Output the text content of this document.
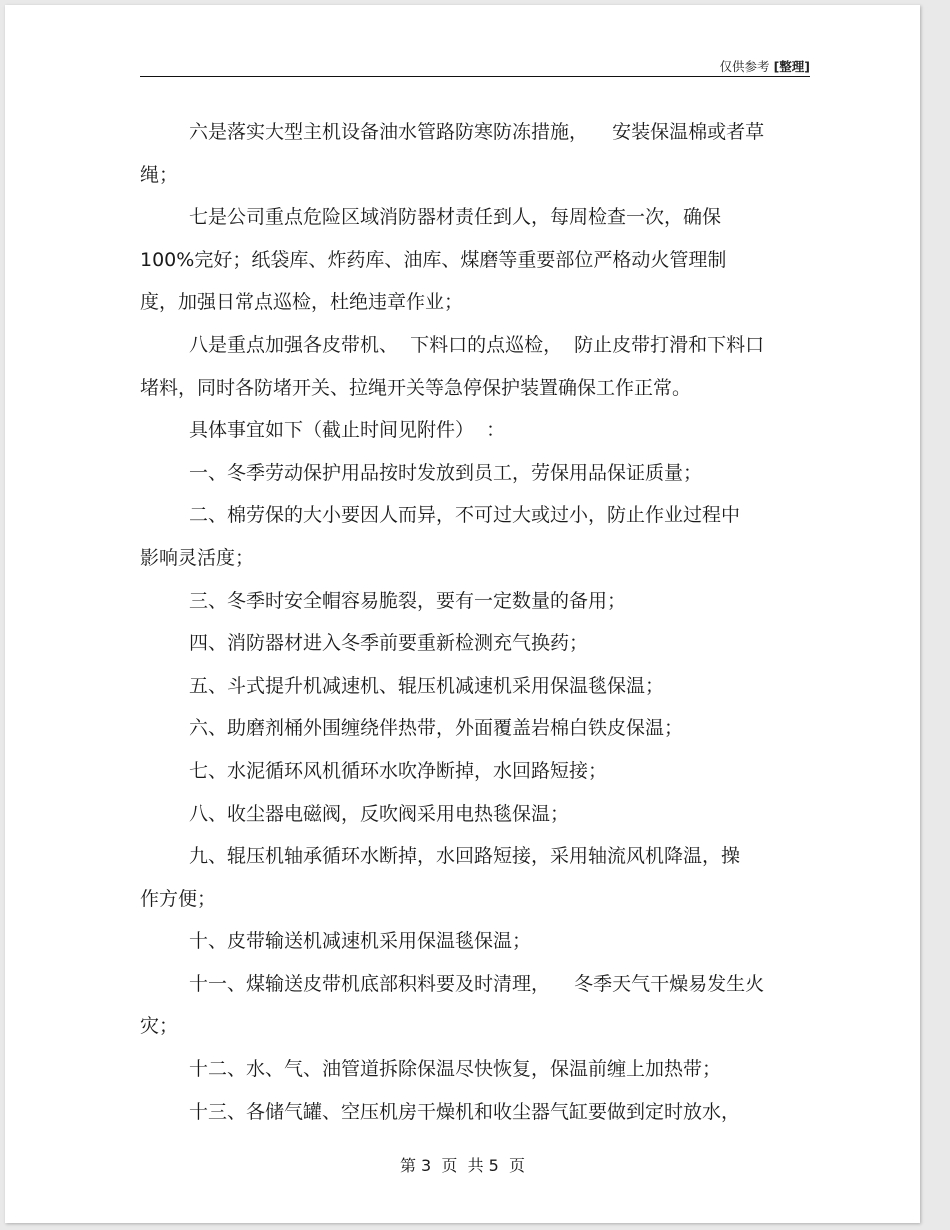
仅供参考 [整理]
六是落实大型主机设备油水管路防寒防冻措施，    安装保温棉或者草
绳；
七是公司重点危险区域消防器材责任到人，每周检查一次，确保
100%完好；纸袋库、炸药库、油库、煤磨等重要部位严格动火管理制
度，加强日常点巡检，杜绝违章作业；
八是重点加强各皮带机、  下料口的点巡检，  防止皮带打滑和下料口
堵料，同时各防堵开关、拉绳开关等急停保护装置确保工作正常。
具体事宜如下（截止时间见附件）  ：
一、冬季劳动保护用品按时发放到员工，劳保用品保证质量；
二、棉劳保的大小要因人而异，不可过大或过小，防止作业过程中
影响灵活度；
三、冬季时安全帽容易脆裂，要有一定数量的备用；
四、消防器材进入冬季前要重新检测充气换药；
五、斗式提升机减速机、辊压机减速机采用保温毯保温；
六、助磨剂桶外围缠绕伴热带，外面覆盖岩棉白铁皮保温；
七、水泥循环风机循环水吹净断掉，水回路短接；
八、收尘器电磁阀，反吹阀采用电热毯保温；
九、辊压机轴承循环水断掉，水回路短接，采用轴流风机降温，操
作方便；
十、皮带输送机减速机采用保温毯保温；
十一、煤输送皮带机底部积料要及时清理，    冬季天气干燥易发生火
灾；
十二、水、气、油管道拆除保温尽快恢复，保温前缠上加热带；
十三、各储气罐、空压机房干燥机和收尘器气缸要做到定时放水，
第 3  页  共 5  页
